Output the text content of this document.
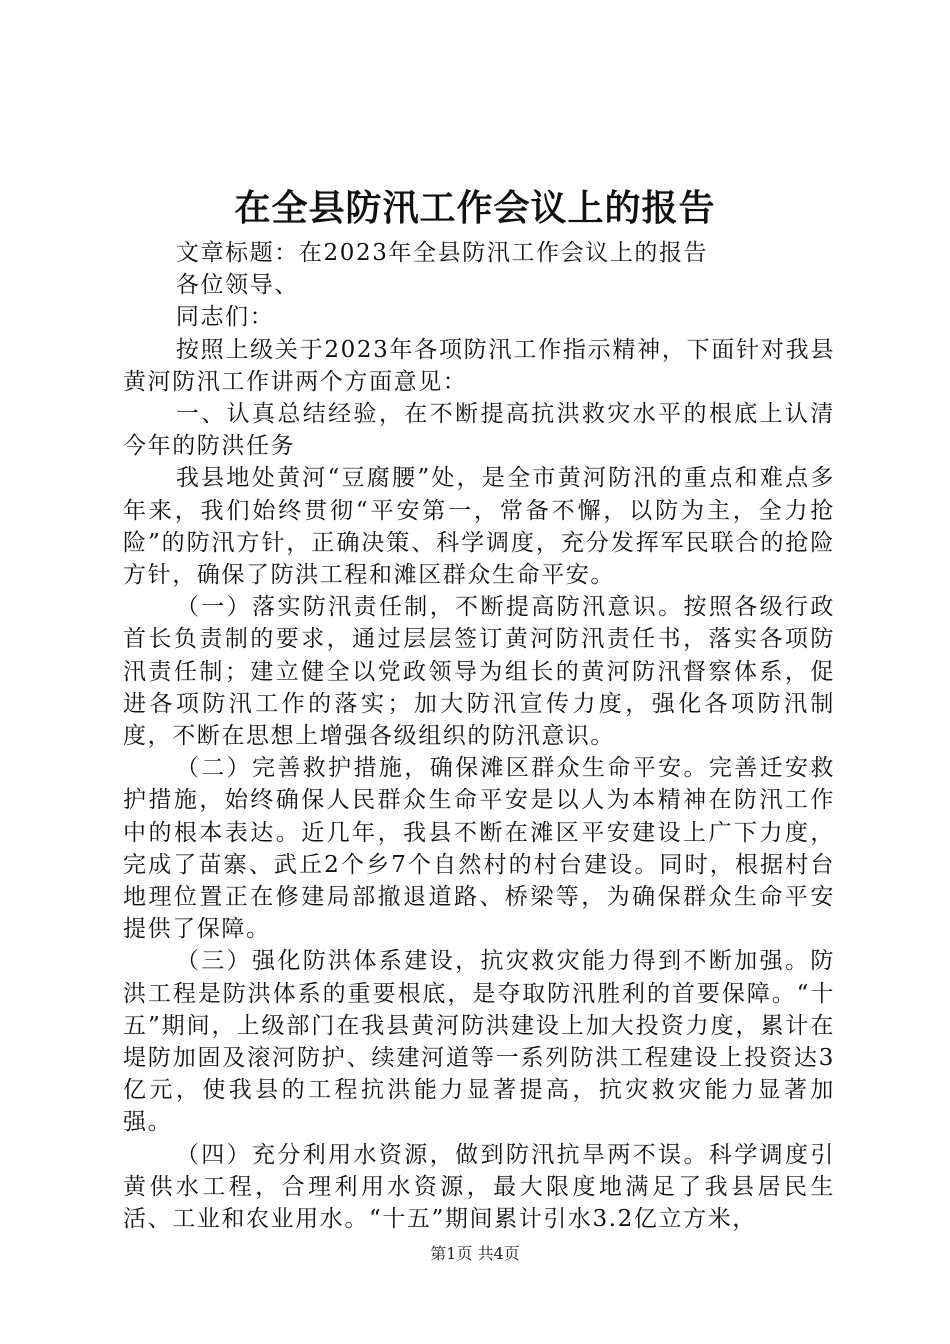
在全县防汛工作会议上的报告

文章标题：在2023年全县防汛工作会议上的报告

各位领导、

同志们：

按照上级关于2023年各项防汛工作指示精神，下面针对我县黄河防汛工作讲两个方面意见：

一、认真总结经验，在不断提高抗洪救灾水平的根底上认清今年的防洪任务

我县地处黄河“豆腐腰”处，是全市黄河防汛的重点和难点多年来，我们始终贯彻“平安第一，常备不懈，以防为主，全力抢险”的防汛方针，正确决策、科学调度，充分发挥军民联合的抢险方针，确保了防洪工程和滩区群众生命平安。

（一）落实防汛责任制，不断提高防汛意识。按照各级行政首长负责制的要求，通过层层签订黄河防汛责任书，落实各项防汛责任制；建立健全以党政领导为组长的黄河防汛督察体系，促进各项防汛工作的落实；加大防汛宣传力度，强化各项防汛制度，不断在思想上增强各级组织的防汛意识。

（二）完善救护措施，确保滩区群众生命平安。完善迁安救护措施，始终确保人民群众生命平安是以人为本精神在防汛工作中的根本表达。近几年，我县不断在滩区平安建设上广下力度，完成了苗寨、武丘2个乡7个自然村的村台建设。同时，根据村台地理位置正在修建局部撤退道路、桥梁等，为确保群众生命平安提供了保障。

（三）强化防洪体系建设，抗灾救灾能力得到不断加强。防洪工程是防洪体系的重要根底，是夺取防汛胜利的首要保障。“十五”期间，上级部门在我县黄河防洪建设上加大投资力度，累计在堤防加固及滚河防护、续建河道等一系列防洪工程建设上投资达3亿元，使我县的工程抗洪能力显著提高，抗灾救灾能力显著加强。

（四）充分利用水资源，做到防汛抗旱两不误。科学调度引黄供水工程，合理利用水资源，最大限度地满足了我县居民生活、工业和农业用水。“十五”期间累计引水3.2亿立方米，

第1页 共4页
